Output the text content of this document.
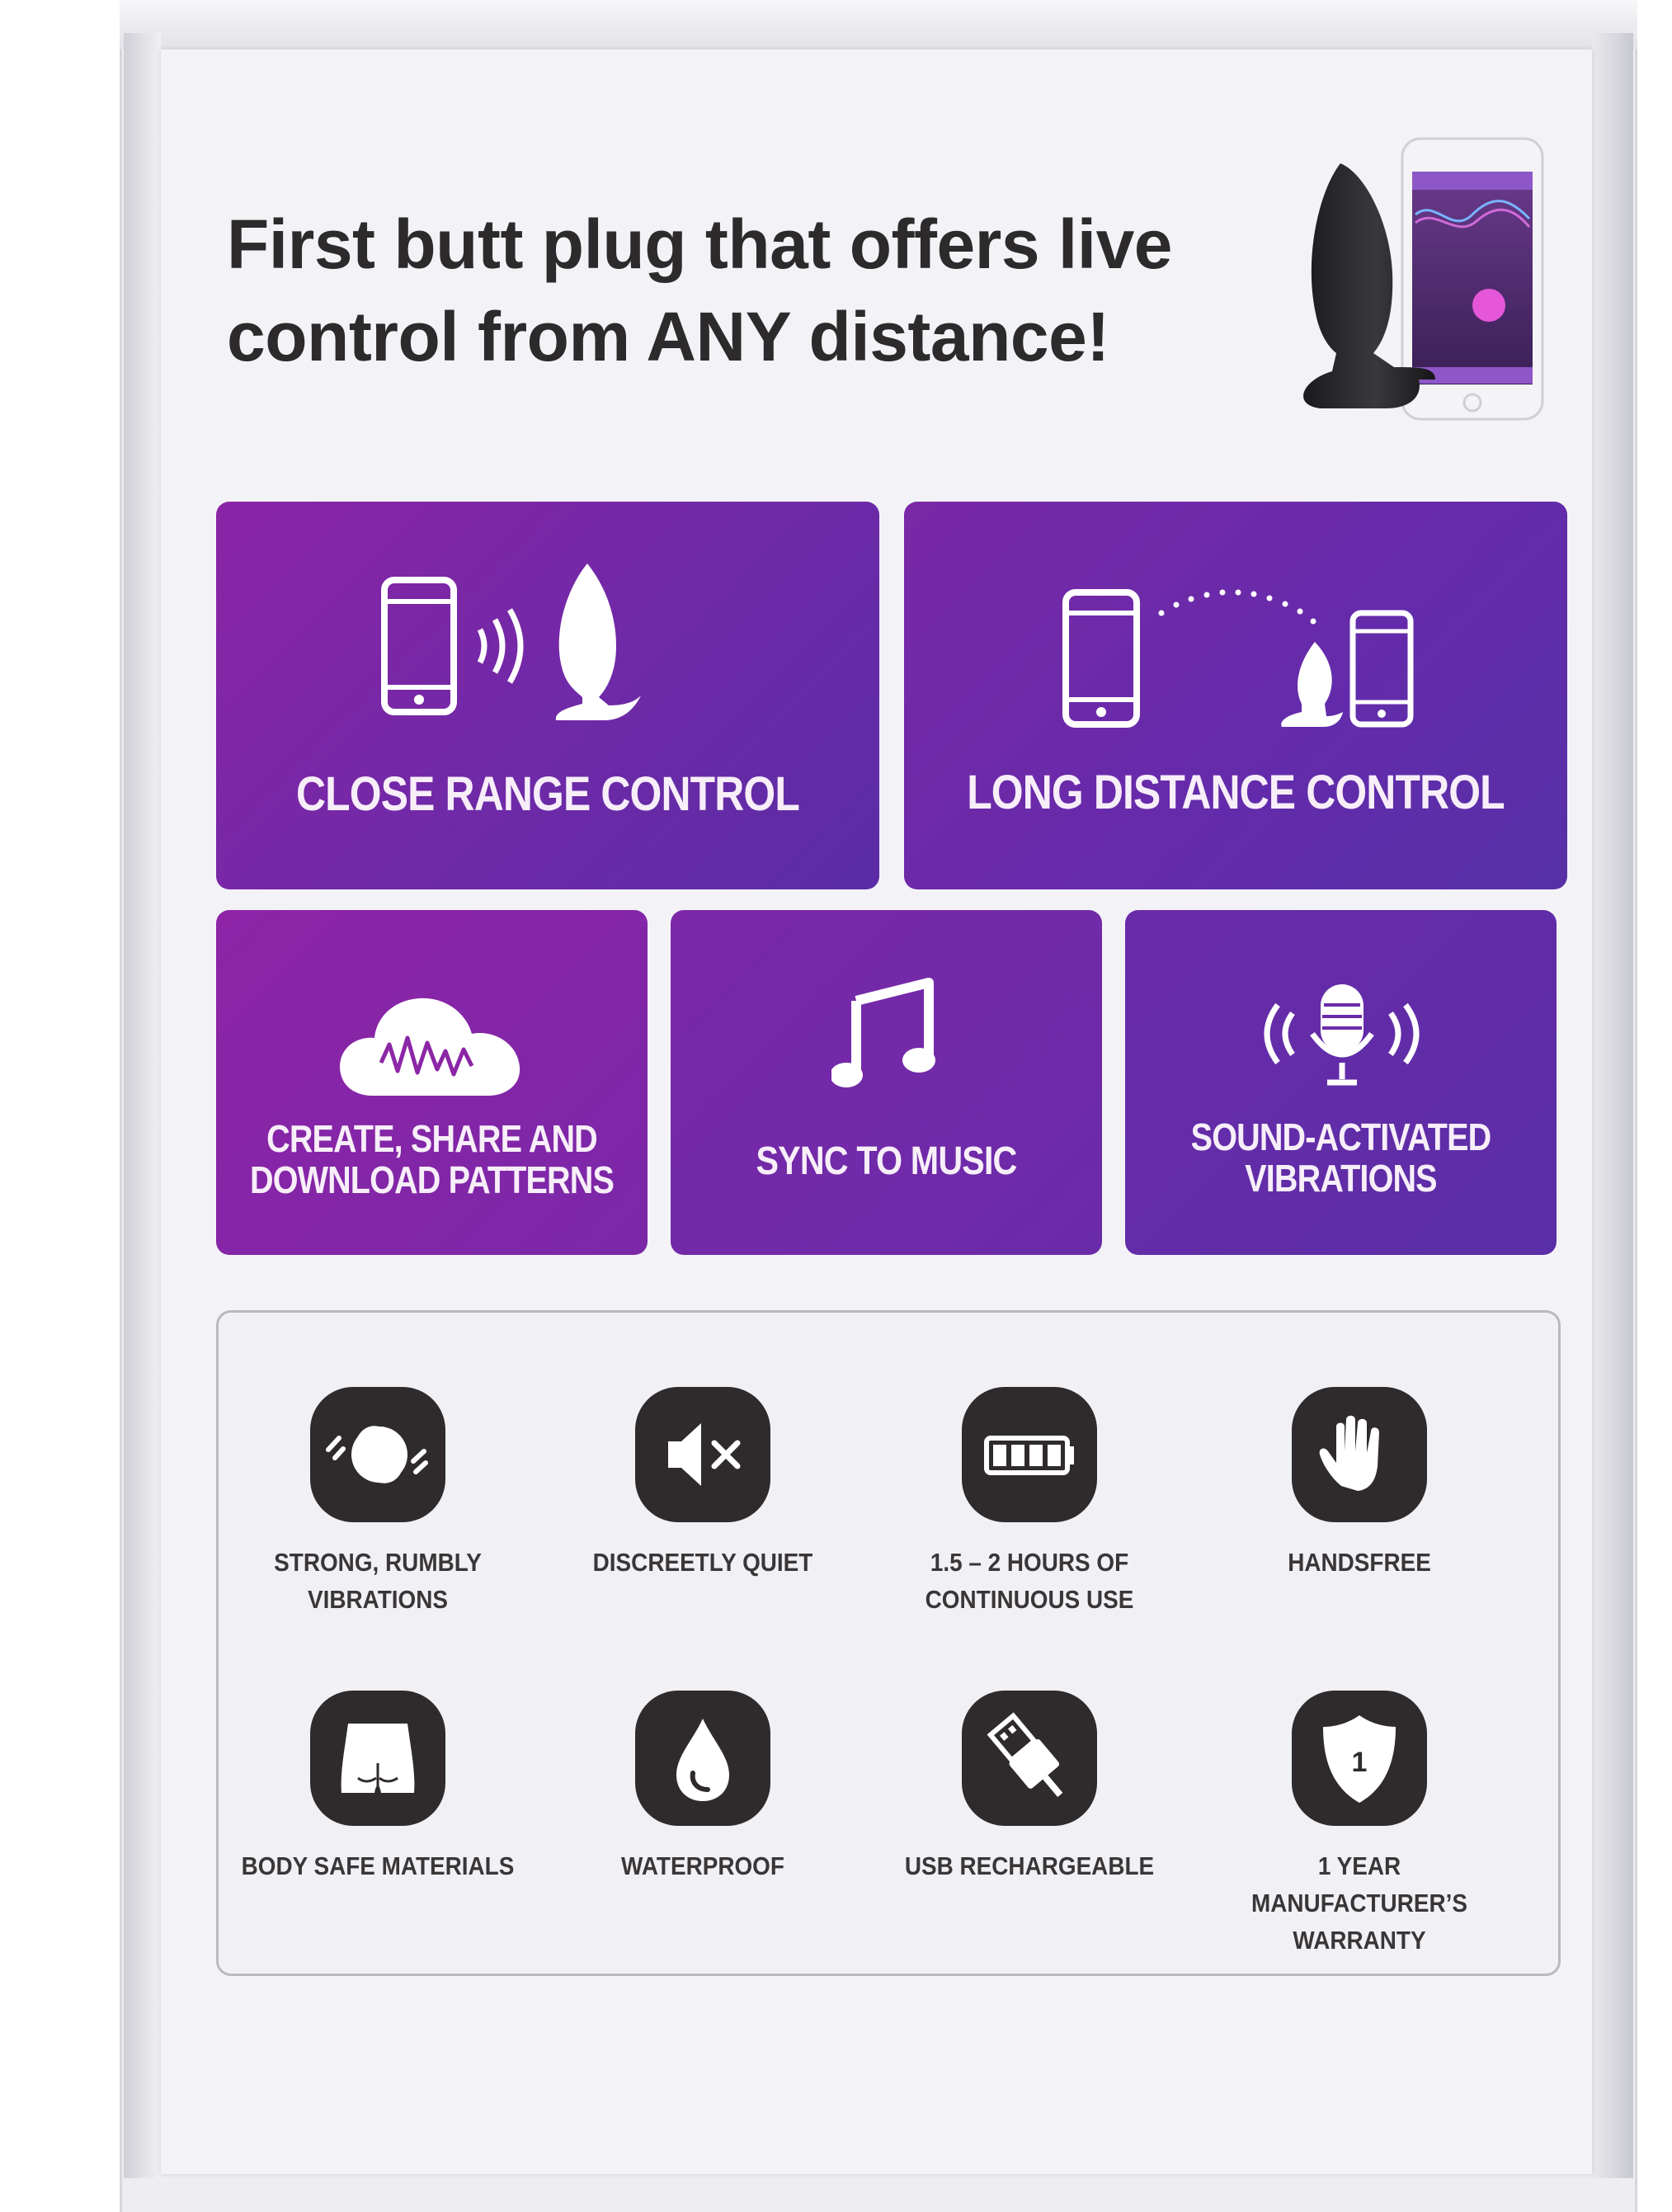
First butt plug that offers live
control from ANY distance!
CLOSE RANGE CONTROL	LONG DISTANCE CONTROL
CREATE, SHARE AND
DOWNLOAD PATTERNS	SYNC TO MUSIC
SOUND-ACTIVATED
VIBRATIONS
STRONG, RUMBLY
VIBRATIONS
DISCREETLY QUIET	1.5 – 2 HOURS OF
CONTINUOUS USE
HANDSFREE
BODY SAFE MATERIALS	WATERPROOF	USB RECHARGEABLE
1
1 YEAR MANUFACTURER’S
WARRANTY
